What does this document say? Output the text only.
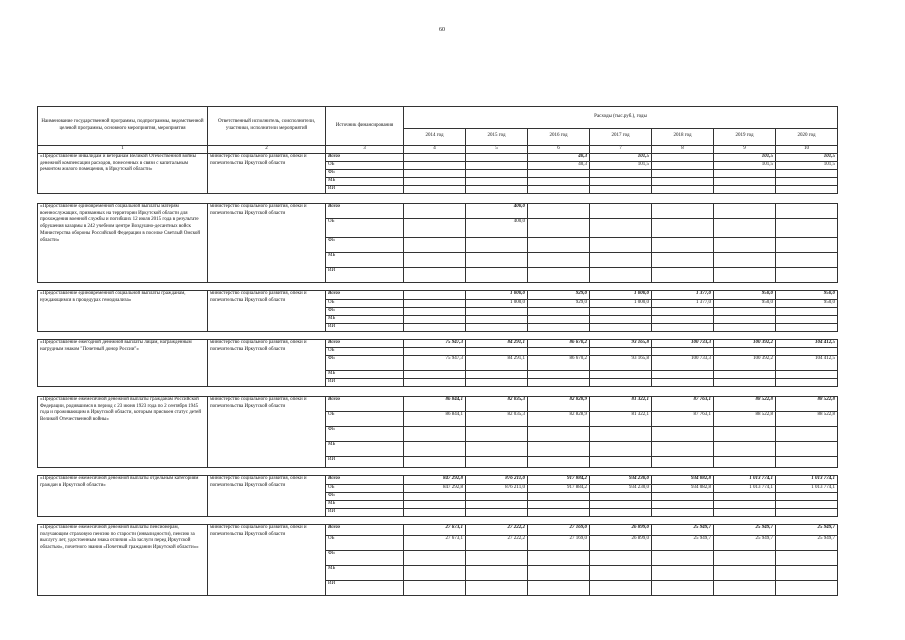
60
Наименование государственной программы, подпрограммы, ведомственной целевой программы, основного мероприятия, мероприятия	Ответственный исполнитель, соисполнители, участники, исполнители мероприятий	Источник финансирования	Расходы (тыс.руб.), годы						
			2014 год	2015 год	2016 год	2017 год	2018 год	2019 год	2020 год
1	2	3	4	5	6	7	8	9	10
«Предоставление инвалидам и ветеранам Великой Отечественной войны денежной компенсации расходов, понесенных в связи с капитальным ремонтом жилого помещения, в Иркутской области»	министерство социального развития, опеки и попечительства Иркутской области	Всего			40,3	101,5		101,5	101,5
		ОБ			40,3	101,5		101,5	101,5
		ФБ							
		МБ							
		ИИ							

«Предоставление единовременной социальной выплаты матерям военнослужащих, призванных на территории Иркутской области для прохождения военной службы и погибших 12 июля 2015 года в результате обрушения казармы в 242 учебном центре Воздушно-десантных войск Министерства обороны Российской Федерации в поселке Светлый Омской области»	министерство социального развития, опеки и попечительства Иркутской области	Всего		400,0					
		ОБ		400,0					
		ФБ							
		МБ							
		ИИ							

«Предоставление единовременной социальной выплаты гражданам, нуждающимся в процедурах гемодиализа»	министерство социального развития, опеки и попечительства Иркутской области	Всего		1 000,0	929,0	1 000,0	1 377,0	950,0	950,0
		ОБ		1 000,0	929,0	1 000,0	1 377,0	950,0	950,0
		ФБ							
		МБ							
		ИИ							

«Предоставление ежегодной денежной выплаты лицам, награжденным нагрудным знаком "Почетный донор России"»	министерство социального развития, опеки и попечительства Иркутской области	Всего	75 947,3	84 291,1	86 670,2	93 165,8	100 733,3	100 392,2	104 412,5
		ОБ							
		ФБ	75 947,3	84 291,1	86 670,2	93 165,8	100 733,3	100 392,2	104 412,5
		МБ							
		ИИ							

«Предоставление ежемесячной денежной выплаты гражданам Российской Федерации, родившимся в период с 23 июня 1923 года по 2 сентября 1945 года и проживающим в Иркутской области, которым присвоен статус детей Великой Отечественной войны»	министерство социального развития, опеки и попечительства Иркутской области	Всего	86 844,1	82 035,3	82 828,9	81 322,1	87 763,1	88 522,8	88 522,8
		ОБ	86 844,1	82 035,3	82 828,9	81 322,1	87 763,1	88 522,8	88 522,8
		ФБ							
		МБ							
		ИИ							

«Предоставление ежемесячной денежной выплаты отдельным категориям граждан в Иркутской области»	министерство социального развития, опеки и попечительства Иркутской области	Всего	847 292,8	876 211,0	917 884,2	934 230,0	934 082,8	1 013 774,1	1 013 774,1
		ОБ	847 292,8	876 211,0	917 884,2	934 230,0	934 082,8	1 013 774,1	1 013 774,1
		ФБ							
		МБ							
		ИИ							

«Предоставление ежемесячной денежной выплаты пенсионерам, получающим страховую пенсию по старости (инвалидности), пенсию за выслугу лет, удостоенным знака отличия «За заслуги перед Иркутской областью», почетного звания «Почетный гражданин Иркутской области»»	министерство социального развития, опеки и попечительства Иркутской области	Всего	27 673,1	27 222,2	27 169,0	26 899,0	25 949,7	25 949,7	25 949,7
		ОБ	27 673,1	27 222,2	27 169,0	26 899,0	25 949,7	25 949,7	25 949,7
		ФБ							
		МБ							
		ИИ							
